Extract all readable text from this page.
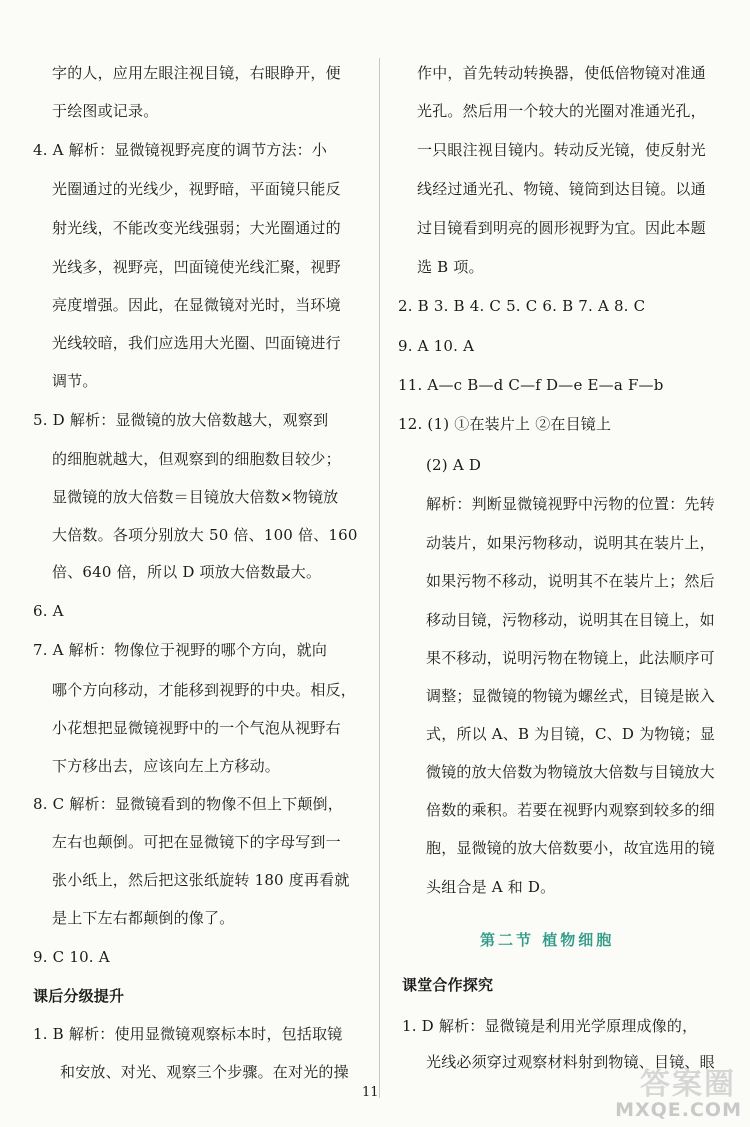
字的人，应用左眼注视目镜，右眼睁开，便
于绘图或记录。
4. A 解析：显微镜视野亮度的调节方法：小
光圈通过的光线少，视野暗，平面镜只能反
射光线，不能改变光线强弱；大光圈通过的
光线多，视野亮，凹面镜使光线汇聚，视野
亮度增强。因此，在显微镜对光时，当环境
光线较暗，我们应选用大光圈、凹面镜进行
调节。
5. D 解析：显微镜的放大倍数越大，观察到
的细胞就越大，但观察到的细胞数目较少；
显微镜的放大倍数＝目镜放大倍数×物镜放
大倍数。各项分别放大 50 倍、100 倍、160
倍、640 倍，所以 D 项放大倍数最大。
6. A
7. A 解析：物像位于视野的哪个方向，就向
哪个方向移动，才能移到视野的中央。相反，
小花想把显微镜视野中的一个气泡从视野右
下方移出去，应该向左上方移动。
8. C 解析：显微镜看到的物像不但上下颠倒，
左右也颠倒。可把在显微镜下的字母写到一
张小纸上，然后把这张纸旋转 180 度再看就
是上下左右都颠倒的像了。
9. C 10. A
课后分级提升
1. B 解析：使用显微镜观察标本时，包括取镜
和安放、对光、观察三个步骤。在对光的操
作中，首先转动转换器，使低倍物镜对准通
光孔。然后用一个较大的光圈对准通光孔，
一只眼注视目镜内。转动反光镜，使反射光
线经过通光孔、物镜、镜筒到达目镜。以通
过目镜看到明亮的圆形视野为宜。因此本题
选 B 项。
2. B 3. B 4. C 5. C 6. B 7. A 8. C
9. A 10. A
11. A—c B—d C—f D—e E—a F—b
12. (1) ①在装片上 ②在目镜上
(2) A D
解析：判断显微镜视野中污物的位置：先转
动装片，如果污物移动，说明其在装片上，
如果污物不移动，说明其不在装片上；然后
移动目镜，污物移动，说明其在目镜上，如
果不移动，说明污物在物镜上，此法顺序可
调整；显微镜的物镜为螺丝式，目镜是嵌入
式，所以 A、B 为目镜，C、D 为物镜；显
微镜的放大倍数为物镜放大倍数与目镜放大
倍数的乘积。若要在视野内观察到较多的细
胞，显微镜的放大倍数要小，故宜选用的镜
头组合是 A 和 D。
第二节 植物细胞
课堂合作探究
1. D 解析：显微镜是利用光学原理成像的，
光线必须穿过观察材料射到物镜、目镜、眼
11	答案圈
MXQE.COM
